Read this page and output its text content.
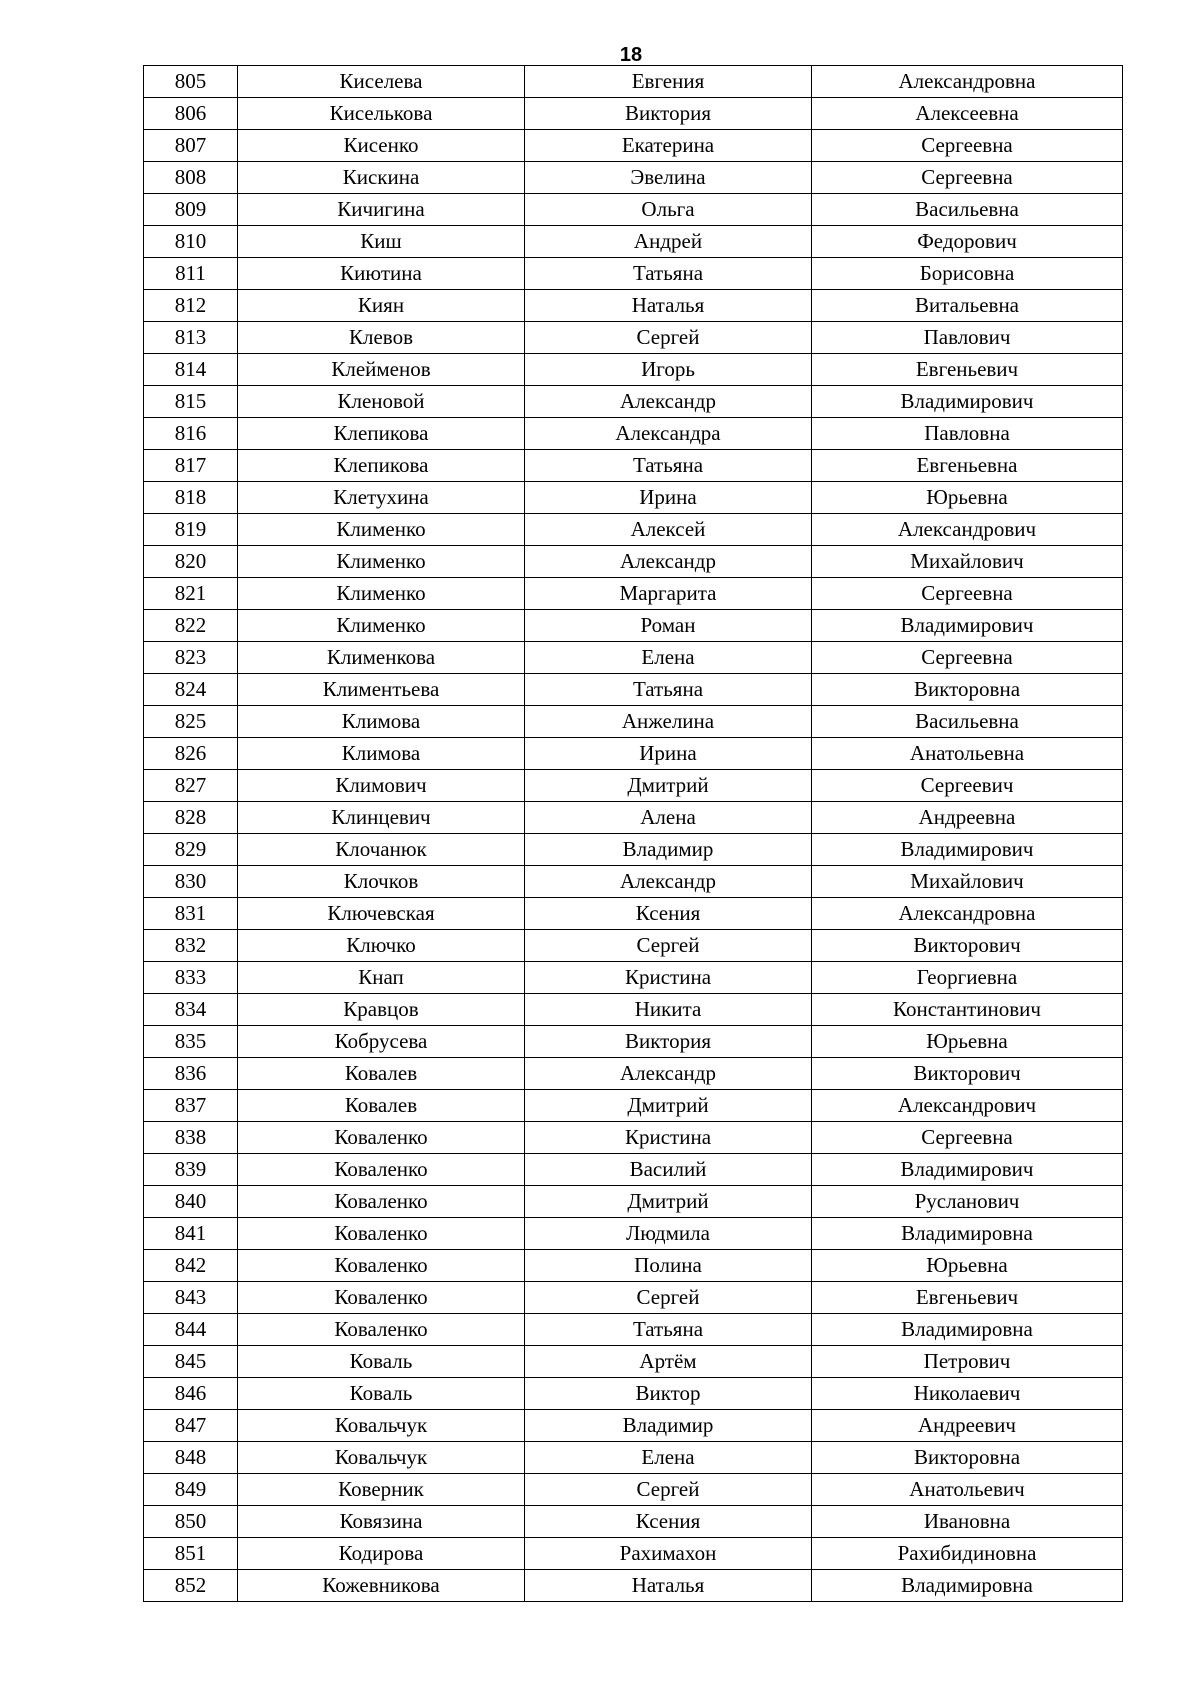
18
805	Киселева	Евгения	Александровна
806	Киселькова	Виктория	Алексеевна
807	Кисенко	Екатерина	Сергеевна
808	Кискина	Эвелина	Сергеевна
809	Кичигина	Ольга	Васильевна
810	Киш	Андрей	Федорович
811	Киютина	Татьяна	Борисовна
812	Киян	Наталья	Витальевна
813	Клевов	Сергей	Павлович
814	Клейменов	Игорь	Евгеньевич
815	Кленовой	Александр	Владимирович
816	Клепикова	Александра	Павловна
817	Клепикова	Татьяна	Евгеньевна
818	Клетухина	Ирина	Юрьевна
819	Клименко	Алексей	Александрович
820	Клименко	Александр	Михайлович
821	Клименко	Маргарита	Сергеевна
822	Клименко	Роман	Владимирович
823	Клименкова	Елена	Сергеевна
824	Климентьева	Татьяна	Викторовна
825	Климова	Анжелина	Васильевна
826	Климова	Ирина	Анатольевна
827	Климович	Дмитрий	Сергеевич
828	Клинцевич	Алена	Андреевна
829	Клочанюк	Владимир	Владимирович
830	Клочков	Александр	Михайлович
831	Ключевская	Ксения	Александровна
832	Ключко	Сергей	Викторович
833	Кнап	Кристина	Георгиевна
834	Кравцов	Никита	Константинович
835	Кобрусева	Виктория	Юрьевна
836	Ковалев	Александр	Викторович
837	Ковалев	Дмитрий	Александрович
838	Коваленко	Кристина	Сергеевна
839	Коваленко	Василий	Владимирович
840	Коваленко	Дмитрий	Русланович
841	Коваленко	Людмила	Владимировна
842	Коваленко	Полина	Юрьевна
843	Коваленко	Сергей	Евгеньевич
844	Коваленко	Татьяна	Владимировна
845	Коваль	Артём	Петрович
846	Коваль	Виктор	Николаевич
847	Ковальчук	Владимир	Андреевич
848	Ковальчук	Елена	Викторовна
849	Коверник	Сергей	Анатольевич
850	Ковязина	Ксения	Ивановна
851	Кодирова	Рахимахон	Рахибидиновна
852	Кожевникова	Наталья	Владимировна
